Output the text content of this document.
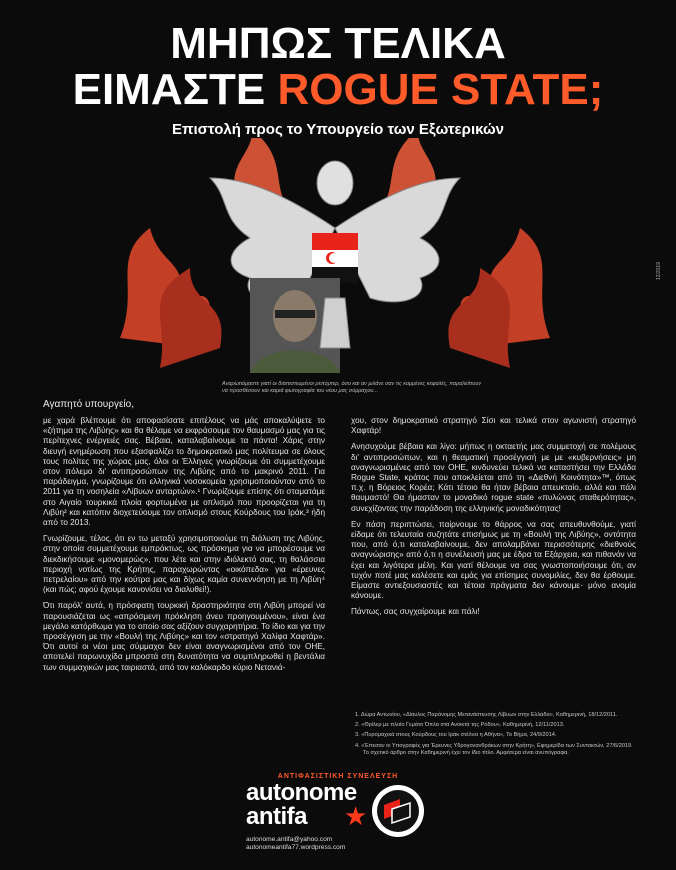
ΜΗΠΩΣ ΤΕΛΙΚΑ
ΕΙΜΑΣΤΕ ROGUE STATE;
Επιστολή προς το Υπουργείο των Εξωτερικών
12/2019
Αναρωτιόμαστε γιατί οι διαπιστευμένοι ρεπόρτερ, όσο και αν μιλάνε σαν τις κομμένες κεφαλές, παραλείπουν να προσθέσουν και καμιά φωτογραφία του νέου μας σύμμαχου...
Αγαπητό υπουργείο,

με χαρά βλέπουμε ότι αποφασίσατε επιτέλους να μάς αποκαλύψετε το «ζήτημα της Λιβύης» και θα θέλαμε να εκφράσουμε τον θαυμασμό μας για τις περίτεχνες ενέργειές σας. Βέβαια, καταλαβαίνουμε τα πάντα! Χάρις στην διευγή ενημέρωση που εξασφαλίζει το δημοκρατικό μας πολίτευμα σε όλους τους πολίτες της χώρας μας, όλοι οι Έλληνες γνωρίζουμε ότι συμμετέχουμε στον πόλεμο δι' αντιπροσώπων της Λιβύης από το μακρινό 2011. Για παράδειγμα, γνωρίζουμε ότι ελληνικά νοσοκομεία χρησιμοποιούνταν από το 2011 για τη νοσηλεία «Λίβυων ανταρτών».¹ Γνωρίζουμε επίσης ότι σταματάμε στο Αιγαίο τουρκικά πλοία φορτωμένα με οπλισμό που προορίζεται για τη Λιβύη² και κατόπιν διοχετεύουμε τον οπλισμό στους Κούρδους του Ιράκ,³ ήδη από το 2013.

Γνωρίζουμε, τέλος, ότι εν τω μεταξύ χρησιμοποιούμε τη διάλυση της Λιβύης, στην οποία συμμετέχουμε εμπράκτως, ως πρόσκημα για να μπορέσουμε να διεκδικήσουμε «μονομερώς», που λέτε και στην ιδιόλεκτό σας, τη θαλάσσια περιοχή νοτίως της Κρήτης, παραχωρώντας «οικόπεδα» για «έρευνες πετρελαίου» από την κούτρα μας και δίχως καμία συνεννόηση με τη Λιβύη⁴ (και πώς; αφού έχουμε κανονίσει να διαλυθεί!).

Ότι παρόλ' αυτά, η πρόσφατη τουρκική δραστηριότητα στη Λιβύη μπορεί να παρουσιάζεται ως «απρόσμενη πρόκληση άνευ προηγουμένου», είναι ένα μεγάλο κατόρθωμα για το οποίο σας αξίζουν συγχαρητήρια. Το ίδιο και για την προσέγγιση με την «Βουλή της Λιβύης» και τον «στρατηγό Χαλίφα Χαφτάρ». Ότι αυτοί οι νέοι μας σύμμαχοι δεν είναι αναγνωρισμένοι από τον ΟΗΕ, αποτελεί παρωνυχίδα μπροστά στη δυνατότητα να συμπληρωθεί η βεντάλια των συμμαχικών μας ταιριαστά, από τον καλόκαρδο κύριο Νετανιά-

χου, στον δημοκρατικό στρατηγό Σίσι και τελικά στον αγωνιστή στρατηγό Χαφτάρ!

Ανησυχούμε βέβαια και λίγο: μήπως η οκταετής μας συμμετοχή σε πολέμους δι' αντιπροσώπων, και η θεαματική προσέγγισή με με «κυβερνήσεις» μη αναγνωρισμένες από τον ΟΗΕ, κινδυνεύει τελικά να καταστήσει την Ελλάδα Rogue State, κράτος που αποκλείεται από τη «Διεθνή Κοινότητα»™, όπως π.χ. η Βόρειος Κορέα; Κάτι τέτοιο θα ήταν βέβαια απευκταίο, αλλά και πάλι θαυμαστό! Θα ήμασταν το μοναδικό rogue state «πυλώνας σταθερότητας», συνεχίζοντας την παράδοση της ελληνικής μοναδικότητας!

Εν πάση περιπτώσει, παίρνουμε το θάρρος να σας απευθυνθούμε, γιατί είδαμε ότι τελευταία συζητάτε επισήμως με τη «Βουλή της Λιβύης», οντότητα που, από ό,τι καταλαβαίνουμε, δεν απολαμβάνει περισσότερης «διεθνούς αναγνώρισης» από ό,τι η συνέλευσή μας με έδρα τα Εξάρχεια, και πιθανόν να έχει και λιγότερα μέλη. Και γιατί θέλουμε να σας γνωστοποιήσουμε ότι, αν τυχόν ποτέ μας καλέσετε και εμάς για επίσημες συνομιλίες, δεν θα έρθουμε. Είμαστε αντιεξουσιαστές και τέτοια πράγματα δεν κάνουμε· μόνο ανομία κάνουμε.

Πάντως, σας συγχαίρουμε και πάλι!

1. Δώρα Αντωνίου, «Δίαυλος Παράνομης Μετανάστευσης Λίβυων στην Ελλάδα», Καθημερινή, 18/12/2011.
2. «Θρίλερ με πλοίο Γεμάτο Όπλα στα Ανοικτά της Ρόδου», Καθημερινή, 12/11/2013.
3. «Πυρομαχικά στους Κούρδους του Ιράκ στέλνει η Αθήνα», Το Βήμα, 24/9/2014.
4. «Έπεσαν οι Υπογραφές για Έρευνες Υδρογονανθράκων στην Κρήτη», Εφημερίδα των Συντακτών, 27/6/2019. Το σχετικό άρθρο στην Καθημερινή έχει τον ίδιο τίτλο. Αμφότερα είναι ανυπόγραφα.
ΑΝΤΙΦΑΣΙΣΤΙΚΗ ΣΥΝΕΛΕΥΣΗ
autonome
antifa	★
autonome.antifa@yahoo.com
autonomeantifa77.wordpress.com
